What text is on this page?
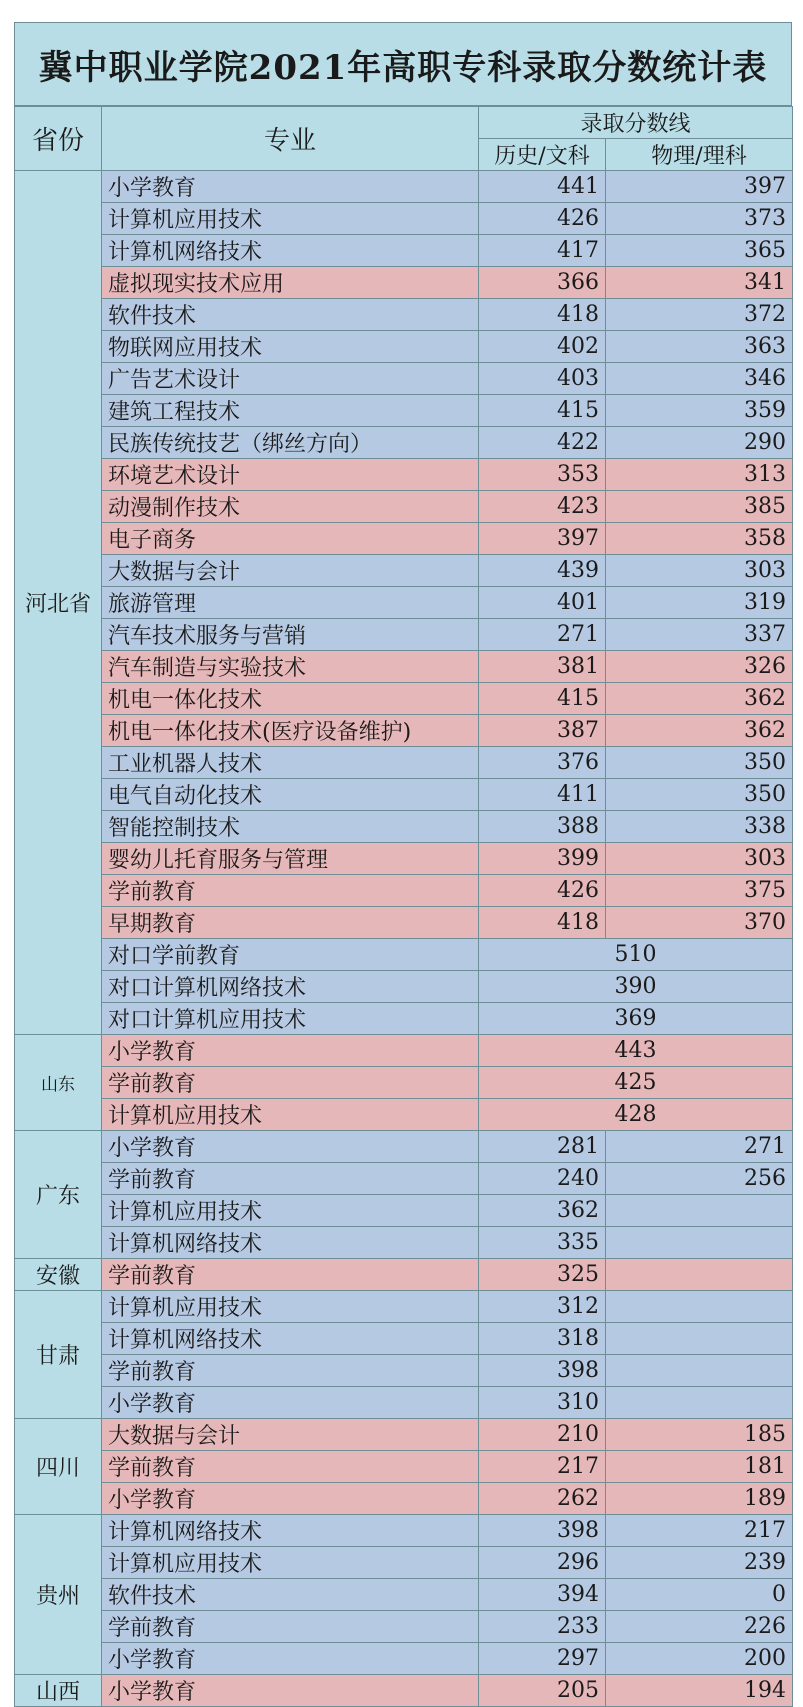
冀中职业学院2021年高职专科录取分数统计表
省份	专业	录取分数线	
		历史/文科	物理/理科
河北省	小学教育	441	397
	计算机应用技术	426	373
	计算机网络技术	417	365
	虚拟现实技术应用	366	341
	软件技术	418	372
	物联网应用技术	402	363
	广告艺术设计	403	346
	建筑工程技术	415	359
	民族传统技艺（绑丝方向）	422	290
	环境艺术设计	353	313
	动漫制作技术	423	385
	电子商务	397	358
	大数据与会计	439	303
	旅游管理	401	319
	汽车技术服务与营销	271	337
	汽车制造与实验技术	381	326
	机电一体化技术	415	362
	机电一体化技术(医疗设备维护)	387	362
	工业机器人技术	376	350
	电气自动化技术	411	350
	智能控制技术	388	338
	婴幼儿托育服务与管理	399	303
	学前教育	426	375
	早期教育	418	370
	对口学前教育	510	
	对口计算机网络技术	390	
	对口计算机应用技术	369	
山东	小学教育	443	
	学前教育	425	
	计算机应用技术	428	
广东	小学教育	281	271
	学前教育	240	256
	计算机应用技术	362	
	计算机网络技术	335	
安徽	学前教育	325	
甘肃	计算机应用技术	312	
	计算机网络技术	318	
	学前教育	398	
	小学教育	310	
四川	大数据与会计	210	185
	学前教育	217	181
	小学教育	262	189
贵州	计算机网络技术	398	217
	计算机应用技术	296	239
	软件技术	394	0
	学前教育	233	226
	小学教育	297	200
山西	小学教育	205	194
